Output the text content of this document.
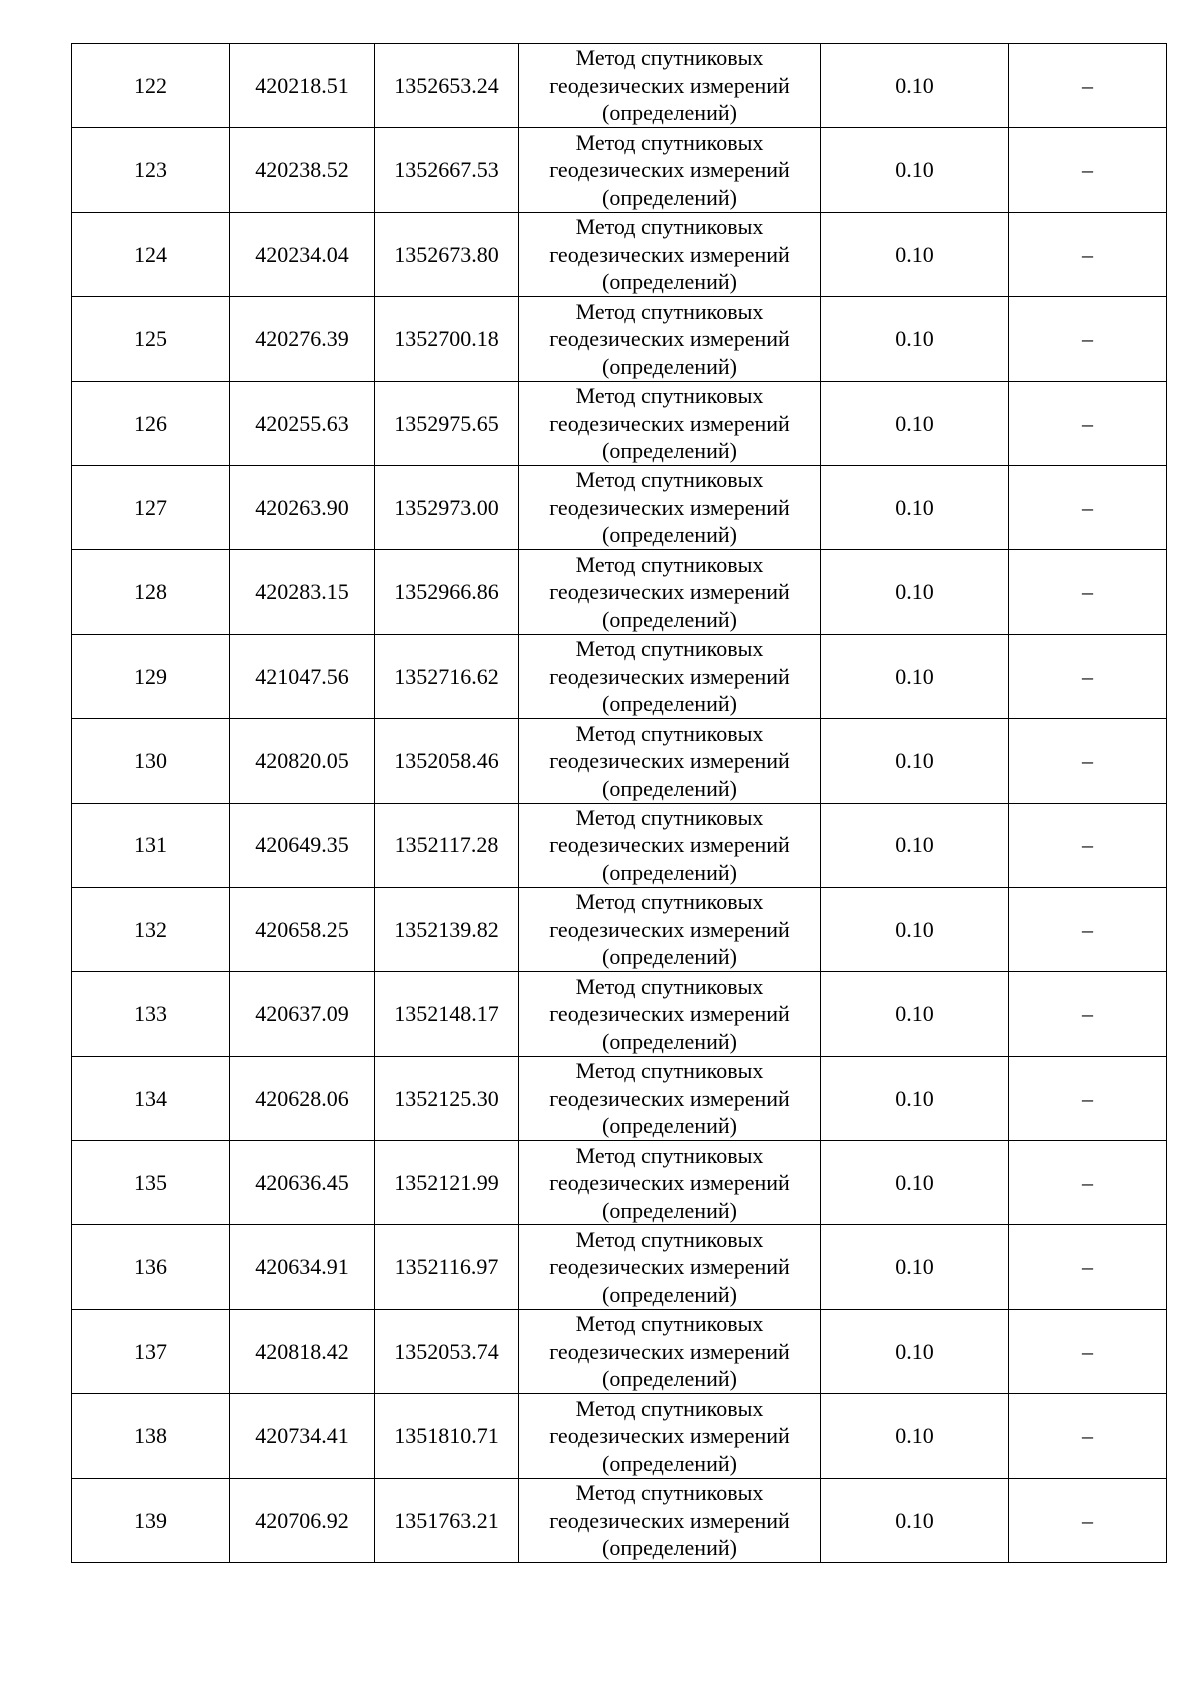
122	420218.51	1352653.24	Метод спутниковых геодезических измерений (определений)	0.10	–
123	420238.52	1352667.53	Метод спутниковых геодезических измерений (определений)	0.10	–
124	420234.04	1352673.80	Метод спутниковых геодезических измерений (определений)	0.10	–
125	420276.39	1352700.18	Метод спутниковых геодезических измерений (определений)	0.10	–
126	420255.63	1352975.65	Метод спутниковых геодезических измерений (определений)	0.10	–
127	420263.90	1352973.00	Метод спутниковых геодезических измерений (определений)	0.10	–
128	420283.15	1352966.86	Метод спутниковых геодезических измерений (определений)	0.10	–
129	421047.56	1352716.62	Метод спутниковых геодезических измерений (определений)	0.10	–
130	420820.05	1352058.46	Метод спутниковых геодезических измерений (определений)	0.10	–
131	420649.35	1352117.28	Метод спутниковых геодезических измерений (определений)	0.10	–
132	420658.25	1352139.82	Метод спутниковых геодезических измерений (определений)	0.10	–
133	420637.09	1352148.17	Метод спутниковых геодезических измерений (определений)	0.10	–
134	420628.06	1352125.30	Метод спутниковых геодезических измерений (определений)	0.10	–
135	420636.45	1352121.99	Метод спутниковых геодезических измерений (определений)	0.10	–
136	420634.91	1352116.97	Метод спутниковых геодезических измерений (определений)	0.10	–
137	420818.42	1352053.74	Метод спутниковых геодезических измерений (определений)	0.10	–
138	420734.41	1351810.71	Метод спутниковых геодезических измерений (определений)	0.10	–
139	420706.92	1351763.21	Метод спутниковых геодезических измерений (определений)	0.10	–
